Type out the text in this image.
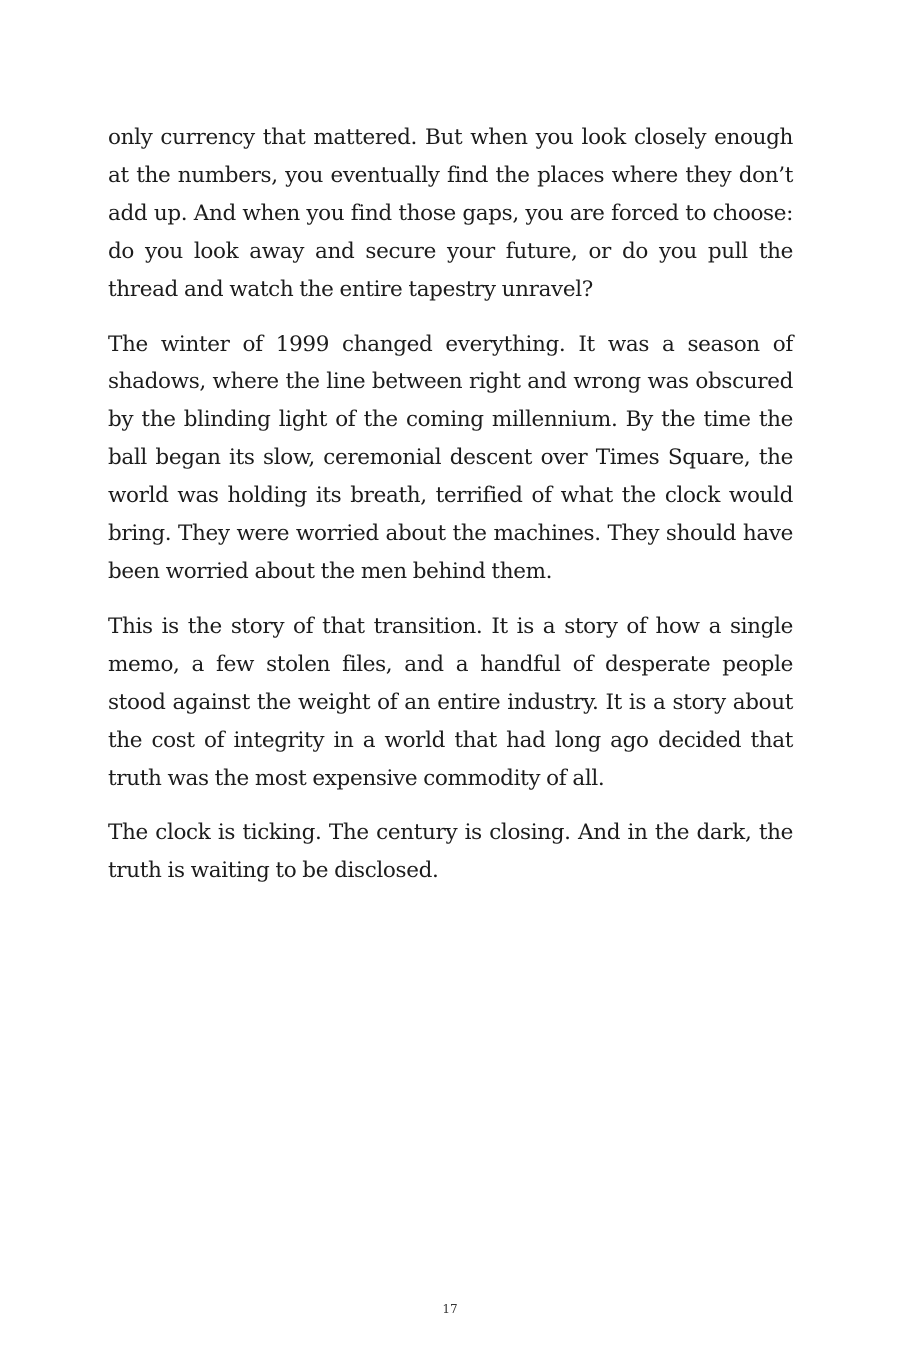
only currency that mattered. But when you look closely enough at the numbers, you eventually find the places where they don’t add up. And when you find those gaps, you are forced to choose: do you look away and secure your future, or do you pull the thread and watch the entire tapestry unravel?

The winter of 1999 changed everything. It was a season of shadows, where the line between right and wrong was obscured by the blinding light of the coming millennium. By the time the ball began its slow, ceremonial descent over Times Square, the world was holding its breath, terrified of what the clock would bring. They were worried about the machines. They should have been worried about the men behind them.

This is the story of that transition. It is a story of how a single memo, a few stolen files, and a handful of desperate people stood against the weight of an entire industry. It is a story about the cost of integrity in a world that had long ago decided that truth was the most expensive commodity of all.

The clock is ticking. The century is closing. And in the dark, the truth is waiting to be disclosed.

17
